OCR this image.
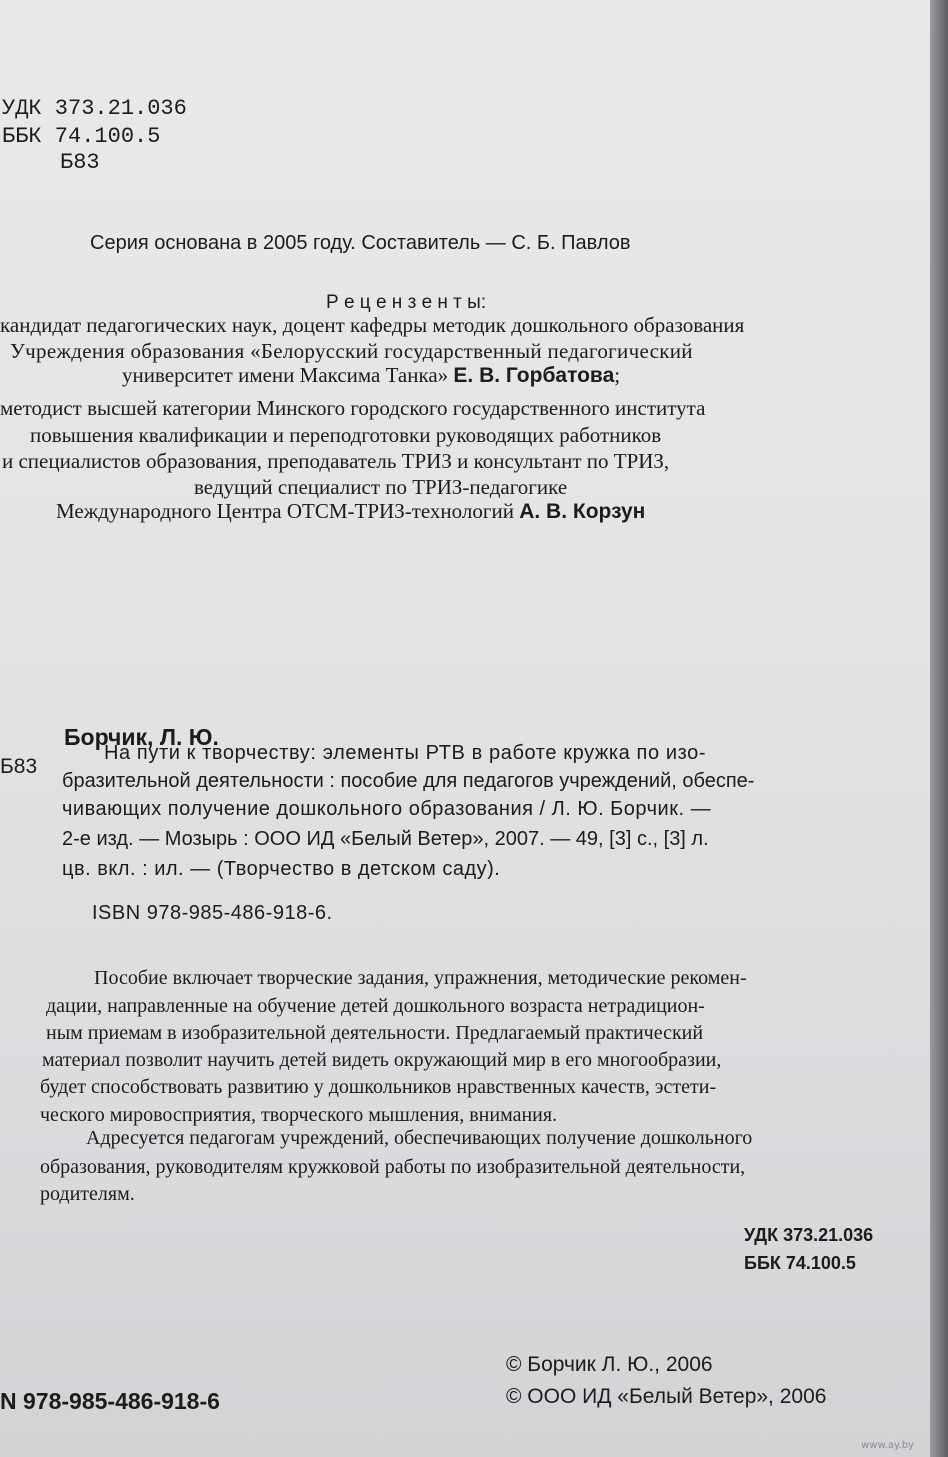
УДК 373.21.036
ББК 74.100.5
Б83
Серия основана в 2005 году. Составитель — С. Б. Павлов
Р е ц е н з е н т ы:
кандидат педагогических наук, доцент кафедры методик дошкольного образования
Учреждения образования «Белорусский государственный педагогический
университет имени Максима Танка» Е. В. Горбатова;
методист высшей категории Минского городского государственного института
повышения квалификации и переподготовки руководящих работников
и специалистов образования, преподаватель ТРИЗ и консультант по ТРИЗ,
ведущий специалист по ТРИЗ-педагогике
Международного Центра ОТСМ-ТРИЗ-технологий А. В. Корзун
Борчик, Л. Ю.
Б83
На пути к творчеству: элементы РТВ в работе кружка по изо-
бразительной деятельности : пособие для педагогов учреждений, обеспе-
чивающих получение дошкольного образования / Л. Ю. Борчик. —
2-е изд. — Мозырь : ООО ИД «Белый Ветер», 2007. — 49, [3] с., [3] л.
цв. вкл. : ил. — (Творчество в детском саду).
ISBN 978-985-486-918-6.
Пособие включает творческие задания, упражнения, методические рекомен-
дации, направленные на обучение детей дошкольного возраста нетрадицион-
ным приемам в изобразительной деятельности. Предлагаемый практический
материал позволит научить детей видеть окружающий мир в его многообразии,
будет способствовать развитию у дошкольников нравственных качеств, эстети-
ческого мировосприятия, творческого мышления, внимания.
Адресуется педагогам учреждений, обеспечивающих получение дошкольного
образования, руководителям кружковой работы по изобразительной деятельности,
родителям.
УДК 373.21.036
ББК 74.100.5
N 978-985-486-918-6
© Борчик Л. Ю., 2006
© ООО ИД «Белый Ветер», 2006
www.ay.by
